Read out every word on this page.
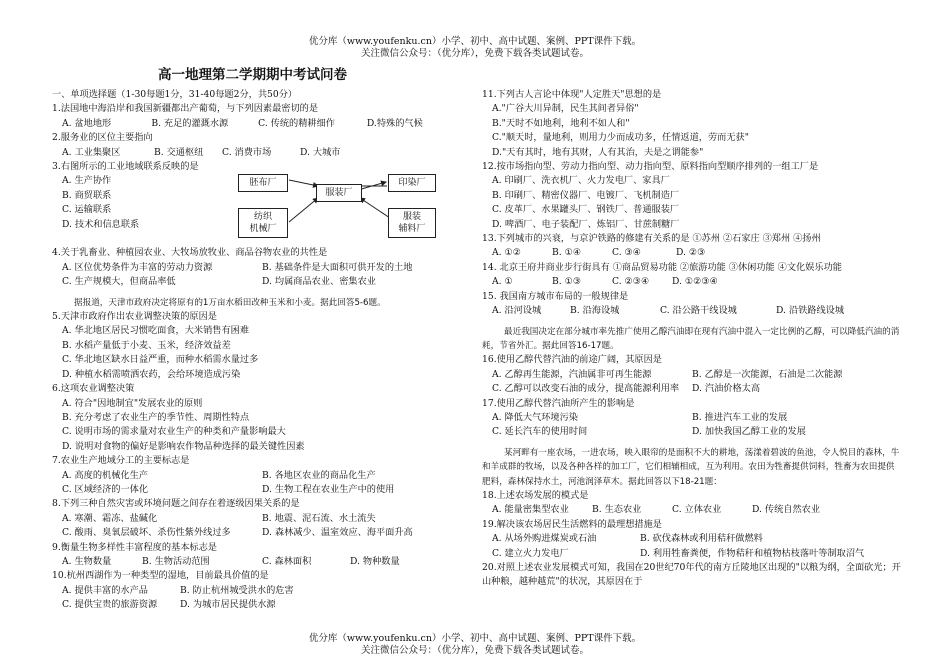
优分库（www.youfenku.cn）小学、初中、高中试题、案例、PPT课件下载。
关注微信公众号：（优分库），免费下载各类试题试卷。
高一地理第二学期期中考试问卷
一、单项选择题（1-30每题1分，31-40每题2分，共50分）
1.法国地中海沿岸和我国新疆都出产葡萄，与下列因素最密切的是
A. 盆地地形	B. 充足的灌溉水源	C. 传统的精耕细作	D.特殊的气候
2.服务业的区位主要指向
A. 工业集聚区	B. 交通枢纽	C. 消费市场	D. 大城市
3.右图所示的工业地域联系反映的是
A. 生产协作
B. 商贸联系
C. 运输联系
D. 技术和信息联系
胚布厂
服装厂
印染厂
纺织
机械厂
服装
辅料厂
4.关于乳畜业、种植园农业、大牧场放牧业、商品谷物农业的共性是
A. 区位优势条件为丰富的劳动力资源	B. 基础条件是大面积可供开发的土地
C. 生产规模大，但商品率低	D. 均属商品农业、密集农业
据报道，天津市政府决定将原有的1万亩水稻田改种玉米和小麦。据此回答5-6题。
5.天津市政府作出农业调整决策的原因是
A. 华北地区居民习惯吃面食，大米销售有困难
B. 水稻产量低于小麦、玉米，经济效益差
C. 华北地区缺水日益严重，而种水稻需水量过多
D. 种植水稻需喷洒农药，会给环境造成污染
6.这项农业调整决策
A. 符合"因地制宜"发展农业的原则
B. 充分考虑了农业生产的季节性、周期性特点
C. 说明市场的需求量对农业生产的种类和产量影响最大
D. 说明对食物的偏好是影响农作物品种选择的最关键性因素
7.农业生产地域分工的主要标志是
A. 高度的机械化生产	B. 各地区农业的商品化生产
C. 区域经济的一体化	D. 生物工程在农业生产中的使用
8.下列三种自然灾害或环境问题之间存在着逐级因果关系的是
A. 寒潮、霜冻、盐碱化	B. 地震、泥石流、水土流失
C. 酸雨、臭氧层破坏、杀伤性紫外线过多	D. 森林减少、温室效应、海平面升高
9.衡量生物多样性丰富程度的基本标志是
A. 生物数量	B. 生物活动范围	C. 森林面积	D. 物种数量
10.杭州西湖作为一种类型的湿地，目前最具价值的是
A. 提供丰富的水产品	B. 防止杭州城受洪水的危害
C. 提供宝贵的旅游资源	D. 为城市居民提供水源
11.下列古人言论中体现"人定胜天"思想的是
A."广谷大川异制，民生其间者异俗"
B."天时不如地利，地利不如人和"
C."顺天时，量地利，则用力少而成功多，任情返道，劳而无获"
D."天有其时，地有其财，人有其治，夫是之谓能参"
12.按市场指向型、劳动力指向型、动力指向型、原料指向型顺序排列的一组工厂是
A. 印刷厂、洗衣机厂、火力发电厂、家具厂
B. 印刷厂、精密仪器厂、电镀厂、飞机制造厂
C. 皮革厂、水果罐头厂、钢铁厂、普通服装厂
D. 啤酒厂、电子装配厂、炼铝厂、甘蔗制糖厂
13.下列城市的兴衰，与京沪铁路的修建有关系的是 ①苏州 ②石家庄 ③郑州 ④扬州
A. ①②	B. ①④	C. ③④	D. ②③
14. 北京王府井商业步行街具有 ①商品贸易功能 ②旅游功能 ③休闲功能 ④文化娱乐功能
A. ①	B. ①③	C. ②③④	D. ①②③④
15. 我国南方城市布局的一般规律是
A. 沿河设城	B. 沿海设城	C. 沿公路干线设城	D. 沿铁路线设城
最近我国决定在部分城市率先推广使用乙醇汽油即在现有汽油中混入一定比例的乙醇，可以降低汽油的消耗，节省外汇。据此回答16-17题。
16.使用乙醇代替汽油的前途广阔，其原因是
A. 乙醇再生能源，汽油属非可再生能源	B. 乙醇是一次能源，石油是二次能源
C. 乙醇可以改变石油的成分，提高能源利用率	D. 汽油价格太高
17.使用乙醇代替汽油所产生的影响是
A. 降低大气环境污染	B. 推进汽车工业的发展
C. 延长汽车的使用时间	D. 加快我国乙醇工业的发展
某河畔有一座农场，一进农场，映入眼帘的是面积不大的耕地，荡漾着碧波的鱼池，令人悦目的森林，牛和羊成群的牧场，以及各种各样的加工厂，它们相辅相成，互为利用。农田为牲畜提供饲料，牲畜为农田提供肥料，森林保持水土，河池润泽草木。据此回答以下18-21题：
18.上述农场发展的模式是
A. 能量密集型农业	B. 生态农业	C. 立体农业	D. 传统自然农业
19.解决该农场居民生活燃料的最理想措施是
A. 从场外购进煤炭或石油	B. 砍伐森林或利用秸秆做燃料
C. 建立火力发电厂	D. 利用牲畜粪便，作物秸秆和植物枯枝落叶等制取沼气
20.对照上述农业发展模式可知，我国在20世纪70年代的南方丘陵地区出现的"以粮为纲，全面砍光；开山种粮，越种越荒"的状况，其原因在于
优分库（www.youfenku.cn）小学、初中、高中试题、案例、PPT课件下载。
关注微信公众号：（优分库），免费下载各类试题试卷。
